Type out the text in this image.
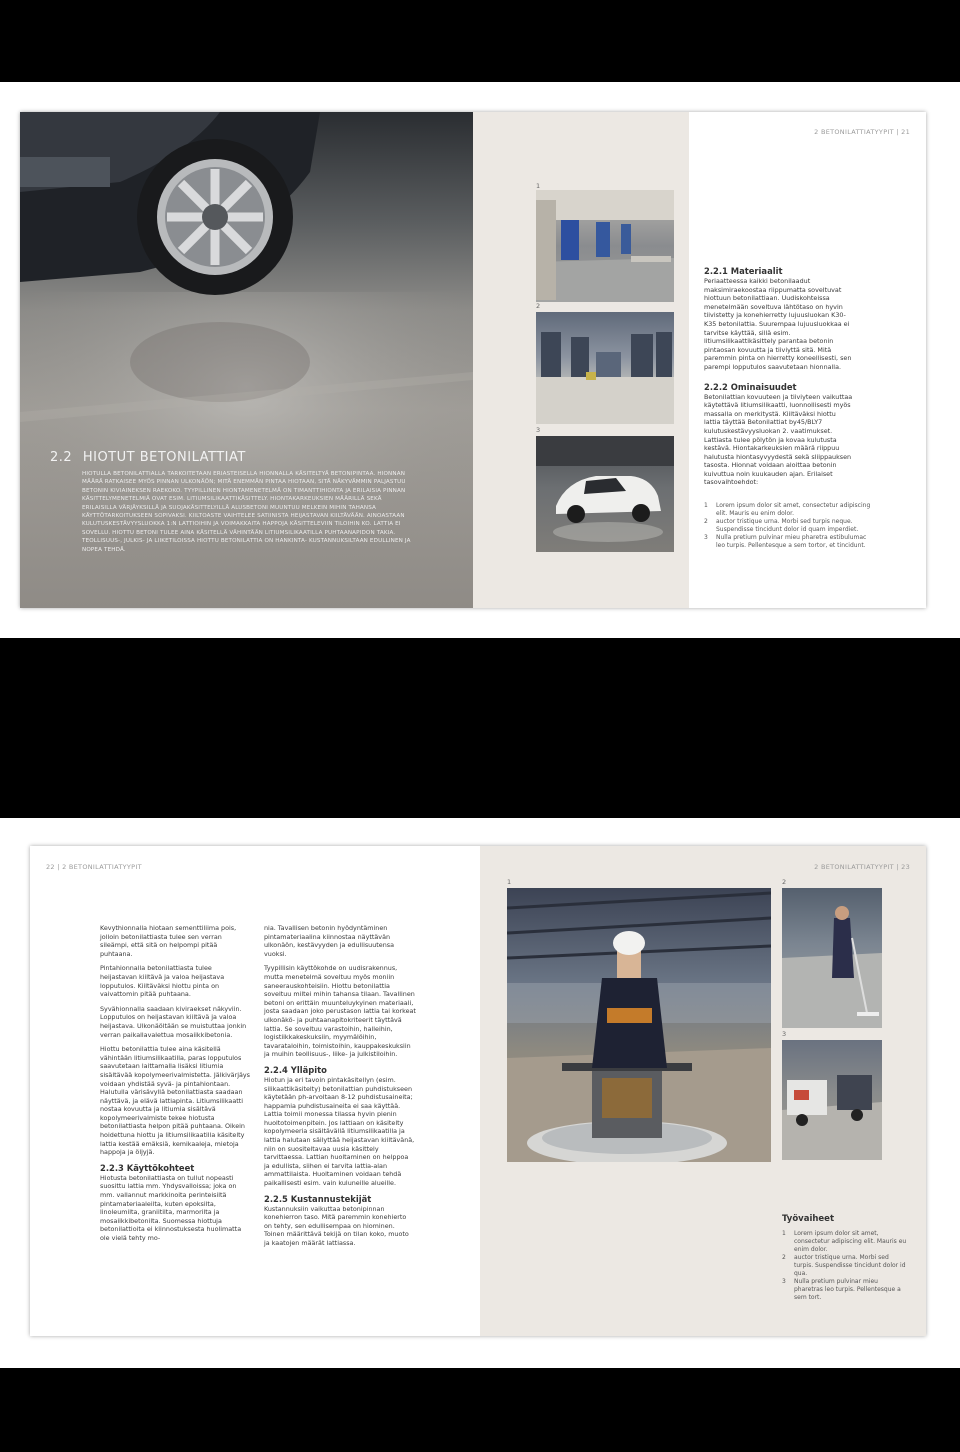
2.2 HIOTUT BETONILATTIAT
HIOTULLA BETONILATTIALLA TARKOITETAAN ERIASTEISELLA HIONNALLA KÄSITELTYÄ BETONIPINTAA. HIONNAN MÄÄRÄ RATKAISEE MYÖS PINNAN ULKONÄÖN; MITÄ ENEMMÄN PINTAA HIOTAAN, SITÄ NÄKYVÄMMIN PALJASTUU BETONIN KIVIAINEKSEN RAEKOKO. TYYPILLINEN HIONTAMENETELMÄ ON TIMANTTIHIONTA JA ERILAISIA PINNAN KÄSITTELYMENETELMIÄ OVAT ESIM. LITIUMSILIKAATTIKÄSITTELY. HIONTAKARKEUKSIEN MÄÄRILLÄ SEKÄ ERILAISILLA VÄRJÄYKSILLÄ JA SUOJAKÄSITTELYILLÄ ALUSBETONI MUUNTUU MELKEIN MIHIN TAHANSA KÄYTTÖTARKOITUKSEEN SOPIVAKSI. KIILTOASTE VAIHTELEE SATIINISTA HEIJASTAVAN KIILTÄVÄÄN. AINOASTAAN KULUTUSKESTÄVYYSLUOKKA 1:N LATTIOIHIN JA VOIMAKKAITA HAPPOJA KÄSITTELEVIIN TILOIHIN KO. LATTIA EI SOVELLU. HIOTTU BETONI TULEE AINA KÄSITELLÄ VÄHINTÄÄN LITIUMSILIKAATILLA PUHTAANAPIDON TAKIA. TEOLLISUUS-, JULKIS- JA LIIKETILOISSA HIOTTU BETONILATTIA ON HANKINTA- KUSTANNUKSILTAAN EDULLINEN JA NOPEA TEHDÄ.
1
2
3
2 BETONILATTIATYYPIT | 21
2.2.1 Materiaalit
Periaatteessa kaikki betonilaadut maksimiraekoostaa riippumatta soveltuvat hiottuun betonilattiaan. Uudiskohteissa menetelmään soveltuva lähtötaso on hyvin tiivistetty ja konehierretty lujuusluokan K30-K35 betonilattia. Suurempaa lujuusluokkaa ei tarvitse käyttää, sillä esim. litiumsilikaattikäsittely parantaa betonin pintaosan kovuutta ja tiiviyttä sitä. Mitä paremmin pinta on hierretty koneellisesti, sen parempi lopputulos saavutetaan hionnalla.
2.2.2 Ominaisuudet
Betonilattian kovuuteen ja tiiviyteen vaikuttaa käytettävä litiumsilikaatti, luonnollisesti myös massalla on merkitystä. Kiiltäväksi hiottu lattia täyttää Betonilattiat by45/BLY7 kulutuskestävyysluokan 2. vaatimukset. Lattiasta tulee pölytön ja kovaa kulutusta kestävä. Hiontakarkeuksien määrä riippuu halutusta hiontasyvyydestä sekä sliippauksen tasosta. Hionnat voidaan aloittaa betonin kuivuttua noin kuukauden ajan. Erilaiset tasovaihtoehdot:
1	Lorem ipsum dolor sit amet, consectetur adipiscing elit. Mauris eu enim dolor.
2	auctor tristique urna. Morbi sed turpis neque. Suspendisse tincidunt dolor id quam imperdiet.
3	Nulla pretium pulvinar mieu pharetra estibulumac leo turpis. Pellentesque a sem tortor, et tincidunt.
22 | 2 BETONILATTIATYYPIT

Kevythionnalla hiotaan sementtiliima pois, jolloin betonilattiasta tulee sen verran sileämpi, että sitä on helpompi pitää puhtaana.

Pintahionnalla betonilattiasta tulee heijastavan kiiltävä ja valoa heijastava lopputulos. Kiiltäväksi hiottu pinta on vaivattomin pitää puhtaana.

Syvähionnalla saadaan kiviraekset näkyviin. Lopputulos on heijastavan kiiltävä ja valoa heijastava. Ulkonäöltään se muistuttaa jonkin verran paikallavalettua mosaiikkibetonia.

Hiottu betonilattia tulee aina käsitellä vähintään litiumsilikaatilla, paras lopputulos saavutetaan laittamalla lisäksi litiumia sisältävää kopolymeerivalmistetta. Jälkivärjäys voidaan yhdistää syvä- ja pintahiontaan. Halutulla värisävyllä betonilattiasta saadaan näyttävä, ja elävä lattiapinta. Litiumsilikaatti nostaa kovuutta ja litiumia sisältävä kopolymeerivalmiste tekee hiotusta betonilattiasta helpon pitää puhtaana. Oikein hoidettuna hiottu ja litiumsilikaatilla käsitelty lattia kestää emäksiä, kemikaaleja, mietoja happoja ja öljyjä.

2.2.3 Käyttökohteet
Hiotusta betonilattiasta on tullut nopeasti suosittu lattia mm. Yhdysvalloissa; joka on mm. vallannut markkinoita perinteisiltä pintamateriaaleilta, kuten epoksilta, linoleumilta, graniitilta, marmorilta ja mosaiikkibetonilta. Suomessa hiottuja betonilattioita ei kiinnostuksesta huolimatta ole vielä tehty mo-

nia. Tavallisen betonin hyödyntäminen pintamateriaalina kiinnostaa näyttävän ulkonäön, kestävyyden ja edullisuutensa vuoksi.

Tyypillisin käyttökohde on uudisrakennus, mutta menetelmä soveltuu myös moniin saneerauskohteisiin. Hiottu betonilattia soveltuu miltei mihin tahansa tilaan. Tavallinen betoni on erittäin muunteluykyinen materiaali, josta saadaan joko perustason lattia tai korkeat ulkonäkö- ja puhtaanapitokriteerit täyttävä lattia. Se soveltuu varastoihin, halleihin, logistiikkakeskuksiin, myymälöihin, tavarataloihin, toimistoihin, kauppakeskuksiin ja muihin teollisuus-, liike- ja julkistiloihin.

2.2.4 Ylläpito

Hiotun ja eri tavoin pintakäsitellyn (esim. silikaattikäsitelty) betonilattian puhdistukseen käytetään ph-arvoltaan 8-12 puhdistusaineita; happamia puhdistusaineita ei saa käyttää. Lattia toimii monessa tilassa hyvin pienin huoltotoimenpitein. Jos lattiaan on käsitelty kopolymeeria sisältävällä litiumsilikaatilla ja lattia halutaan säilyttää heijastavan kiiltävänä, niin on suositeltavaa uusia käsittely tarvittaessa. Lattian huoltaminen on helppoa ja edullista, siihen ei tarvita lattia-alan ammattilaista. Huoltaminen voidaan tehdä paikallisesti esim. vain kuluneille alueille.

2.2.5 Kustannustekijät
Kustannuksiin vaikuttaa betonipinnan konehierron taso. Mitä paremmin konehierto on tehty, sen edullisempaa on hiominen. Toinen määrittävä tekijä on tilan koko, muoto ja kaatojen määrät lattiassa.
2 BETONILATTIATYYPIT | 23
1	2
3
Työvaiheet
1	Lorem ipsum dolor sit amet, consectetur adipiscing elit. Mauris eu enim dolor.
2	auctor tristique urna. Morbi sed turpis. Suspendisse tincidunt dolor id qua.
3	Nulla pretium pulvinar mieu pharetras leo turpis. Pellentesque a sem tort.
